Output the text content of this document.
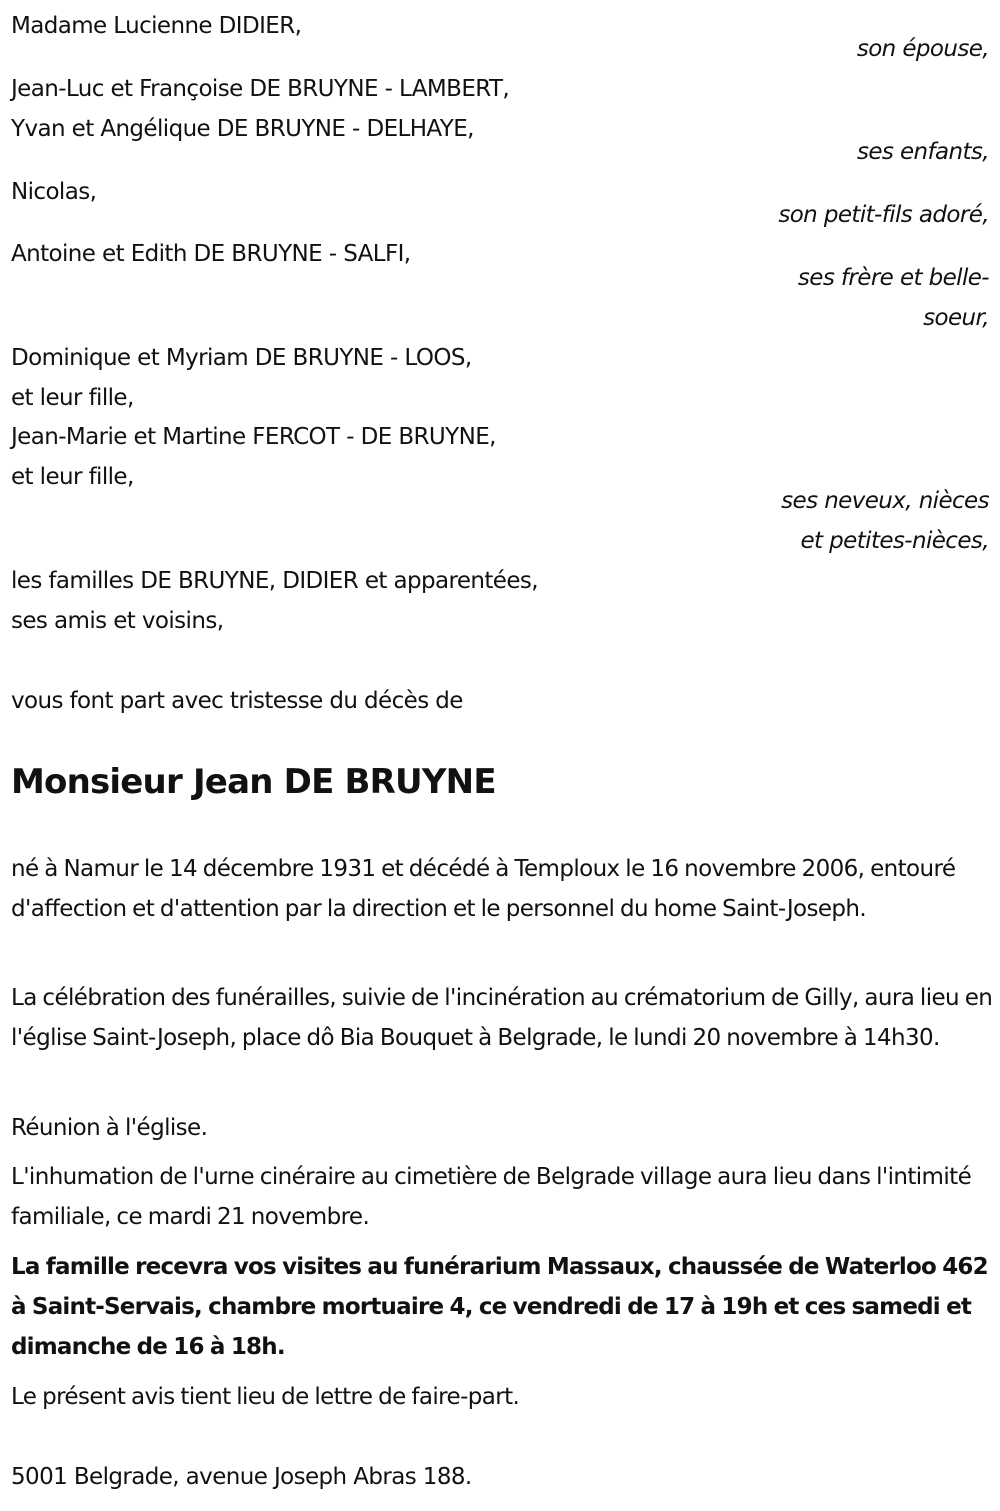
Madame Lucienne DIDIER,
son épouse,
Jean-Luc et Françoise DE BRUYNE - LAMBERT,
Yvan et Angélique DE BRUYNE - DELHAYE,
ses enfants,
Nicolas,
son petit-fils adoré,
Antoine et Edith DE BRUYNE - SALFI,
ses frère et belle-
soeur,
Dominique et Myriam DE BRUYNE - LOOS,
et leur fille,
Jean-Marie et Martine FERCOT - DE BRUYNE,
et leur fille,
ses neveux, nièces
et petites-nièces,
les familles DE BRUYNE, DIDIER et apparentées,
ses amis et voisins,
vous font part avec tristesse du décès de
Monsieur Jean DE BRUYNE
né à Namur le 14 décembre 1931 et décédé à Temploux le 16 novembre 2006, entouré d'affection et d'attention par la direction et le personnel du home Saint-Joseph.
La célébration des funérailles, suivie de l'incinération au crématorium de Gilly, aura lieu en l'église Saint-Joseph, place dô Bia Bouquet à Belgrade, le lundi 20 novembre à 14h30.
Réunion à l'église.
L'inhumation de l'urne cinéraire au cimetière de Belgrade village aura lieu dans l'intimité familiale, ce mardi 21 novembre.
La famille recevra vos visites au funérarium Massaux, chaussée de Waterloo 462 à Saint-Servais, chambre mortuaire 4, ce vendredi de 17 à 19h et ces samedi et dimanche de 16 à 18h.
Le présent avis tient lieu de lettre de faire-part.
5001 Belgrade, avenue Joseph Abras 188.
